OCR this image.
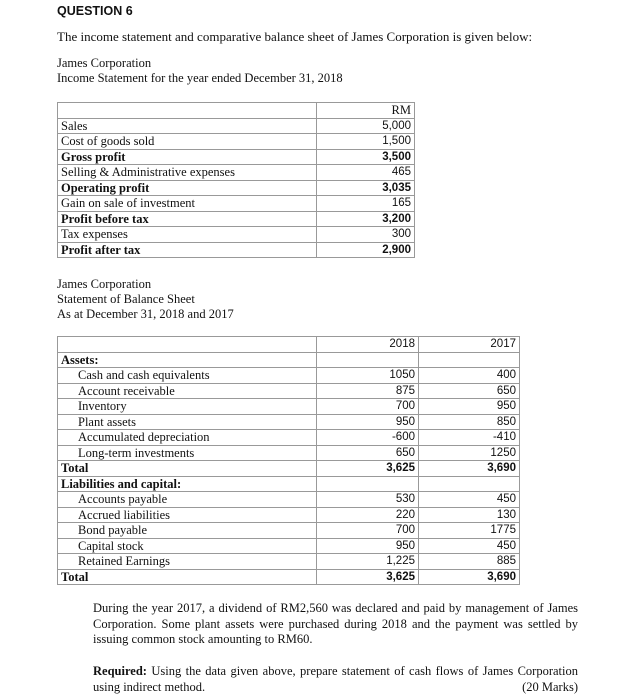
QUESTION 6
The income statement and comparative balance sheet of James Corporation is given below:
James Corporation
Income Statement for the year ended December 31, 2018
	RM
Sales	5,000
Cost of goods sold	1,500
Gross profit	3,500
Selling & Administrative expenses	465
Operating profit	3,035
Gain on sale of investment	165
Profit before tax	3,200
Tax expenses	300
Profit after tax	2,900
James Corporation
Statement of Balance Sheet
As at December 31, 2018 and 2017
	2018	2017
Assets:		
Cash and cash equivalents	1050	400
Account receivable	875	650
Inventory	700	950
Plant assets	950	850
Accumulated depreciation	-600	-410
Long-term investments	650	1250
Total	3,625	3,690
Liabilities and capital:		
Accounts payable	530	450
Accrued liabilities	220	130
Bond payable	700	1775
Capital stock	950	450
Retained Earnings	1,225	885
Total	3,625	3,690
During the year 2017, a dividend of RM2,560 was declared and paid by management of James Corporation. Some plant assets were purchased during 2018 and the payment was settled by issuing common stock amounting to RM60.
Required: Using the data given above, prepare statement of cash flows of James Corporation using indirect method.	(20 Marks)
